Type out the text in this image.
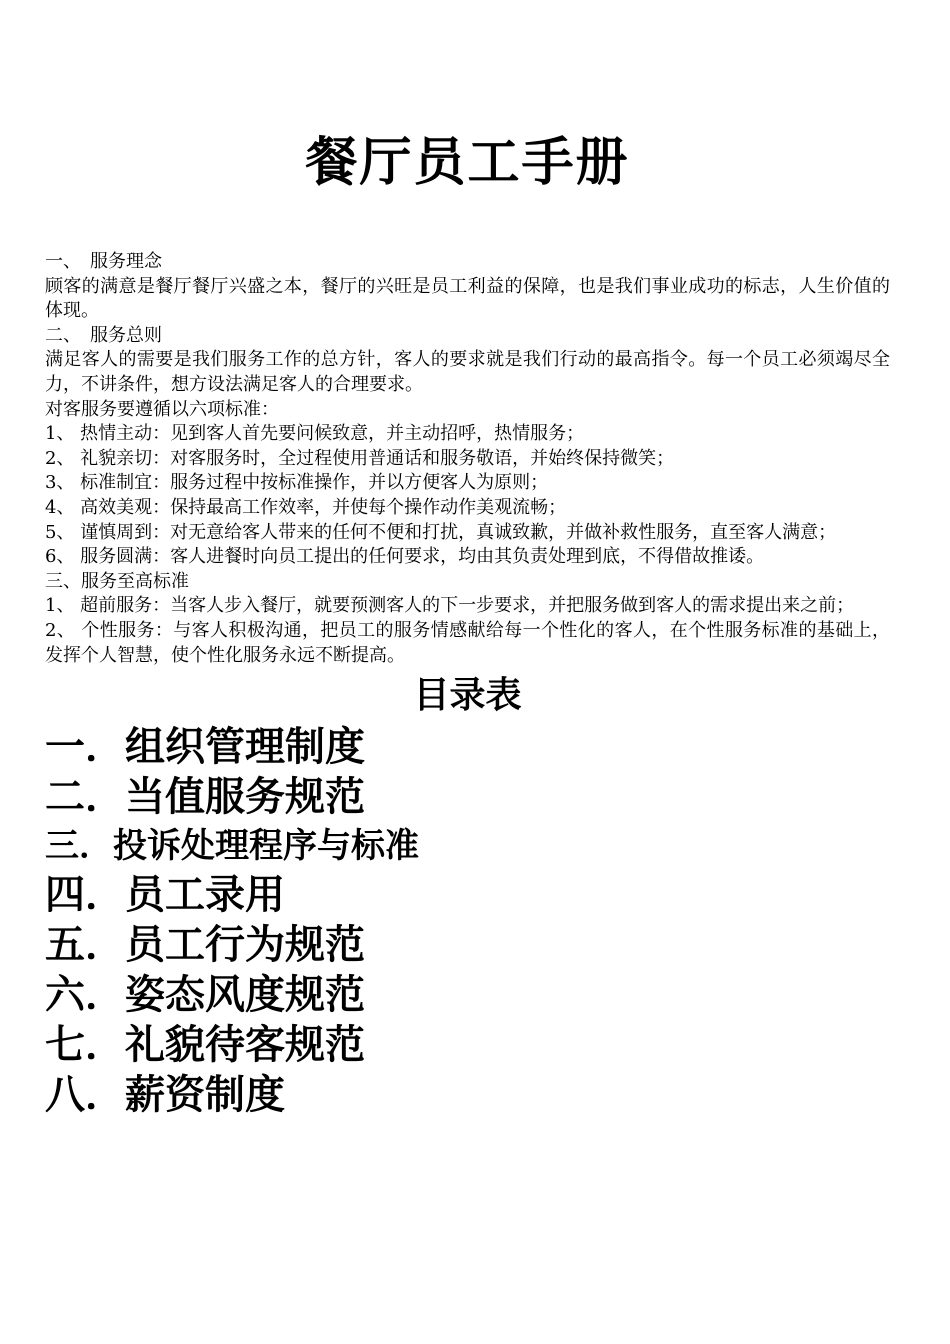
餐厅员工手册
一、　服务理念
顾客的满意是餐厅餐厅兴盛之本，餐厅的兴旺是员工利益的保障，也是我们事业成功的标志，人生价值的体现。
二、　服务总则
满足客人的需要是我们服务工作的总方针，客人的要求就是我们行动的最高指令。每一个员工必须竭尽全力，不讲条件，想方设法满足客人的合理要求。
对客服务要遵循以六项标准：
1、 热情主动：见到客人首先要问候致意，并主动招呼，热情服务；
2、 礼貌亲切：对客服务时，全过程使用普通话和服务敬语，并始终保持微笑；
3、 标准制宜：服务过程中按标准操作，并以方便客人为原则；
4、 高效美观：保持最高工作效率，并使每个操作动作美观流畅；
5、 谨慎周到：对无意给客人带来的任何不便和打扰，真诚致歉，并做补救性服务，直至客人满意；
6、 服务圆满：客人进餐时向员工提出的任何要求，均由其负责处理到底，不得借故推诿。
三、服务至高标准
1、 超前服务：当客人步入餐厅，就要预测客人的下一步要求，并把服务做到客人的需求提出来之前；
2、 个性服务：与客人积极沟通，把员工的服务情感献给每一个性化的客人，在个性服务标准的基础上，发挥个人智慧，使个性化服务永远不断提高。
目录表
一．组织管理制度
二．当值服务规范
三．投诉处理程序与标准
四．员工录用
五．员工行为规范
六．姿态风度规范
七．礼貌待客规范
八．薪资制度
